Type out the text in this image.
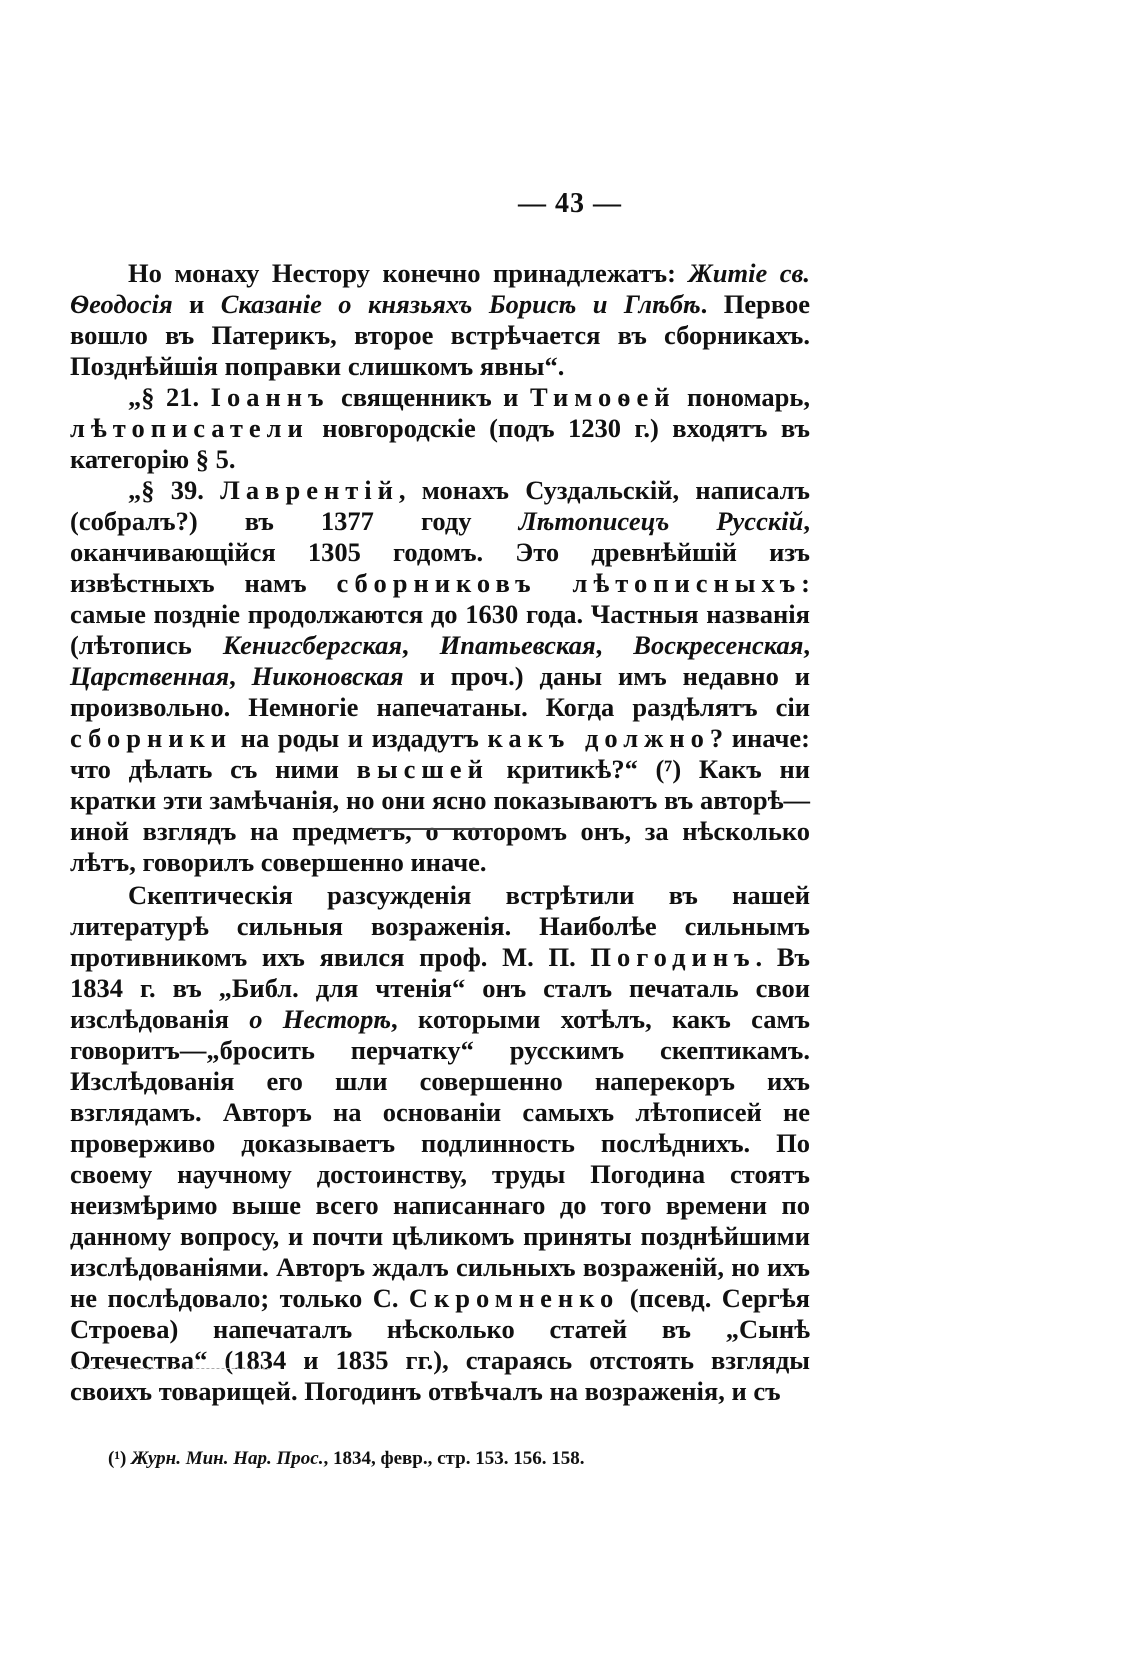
— 43 —

Но монаху Нестору конечно принадлежатъ: Житіе св. Ѳеодосія и Сказаніе о князьяхъ Борисѣ и Глѣбѣ. Первое вошло въ Патерикъ, второе встрѣчается въ сборникахъ. Позднѣйшія поправки слишкомъ явны“.

„§ 21. Іоаннъ священникъ и Тимоѳей пономарь, лѣтописатели новгородскіе (подъ 1230 г.) входятъ въ категорію § 5.

„§ 39. Лаврентій, монахъ Суздальскій, написалъ (собралъ?) въ 1377 году Лѣтописецъ Русскій, оканчивающійся 1305 годомъ. Это древнѣйшій изъ извѣстныхъ намъ сборниковъ лѣтописныхъ: самые поздніе продолжаются до 1630 года. Частныя названія (лѣтопись Кенигсбергская, Ипатьевская, Воскресенская, Царственная, Никоновская и проч.) даны имъ недавно и произвольно. Немногіе напечатаны. Когда раздѣлятъ сіи сборники на роды и издадутъ какъ должно? иначе: что дѣлать съ ними высшей критикѣ?“ (⁷) Какъ ни кратки эти замѣчанія, но они ясно показываютъ въ авторѣ—иной взглядъ на предметъ, о которомъ онъ, за нѣсколько лѣтъ, говорилъ совершенно иначе.

Скептическія разсужденія встрѣтили въ нашей литературѣ сильныя возраженія. Наиболѣе сильнымъ противникомъ ихъ явился проф. М. П. Погодинъ. Въ 1834 г. въ „Библ. для чтенія“ онъ сталъ печаталь свои изслѣдованія о Несторѣ, которыми хотѣлъ, какъ самъ говоритъ—„бросить перчатку“ русскимъ скептикамъ. Изслѣдованія его шли совершенно наперекоръ ихъ взглядамъ. Авторъ на основаніи самыхъ лѣтописей не проверживо доказываетъ подлинность послѣднихъ. По своему научному достоинству, труды Погодина стоятъ неизмѣримо выше всего написаннаго до того времени по данному вопросу, и почти цѣликомъ приняты позднѣйшими изслѣдованіями. Авторъ ждалъ сильныхъ возраженій, но ихъ не послѣдовало; только С. Скромненко (псевд. Сергѣя Строева) напечаталъ нѣсколько статей въ „Сынѣ Отечества“ (1834 и 1835 гг.), стараясь отстоять взгляды своихъ товарищей. Погодинъ отвѣчалъ на возраженія, и съ

(¹) Журн. Мин. Нар. Прос., 1834, февр., стр. 153. 156. 158.
